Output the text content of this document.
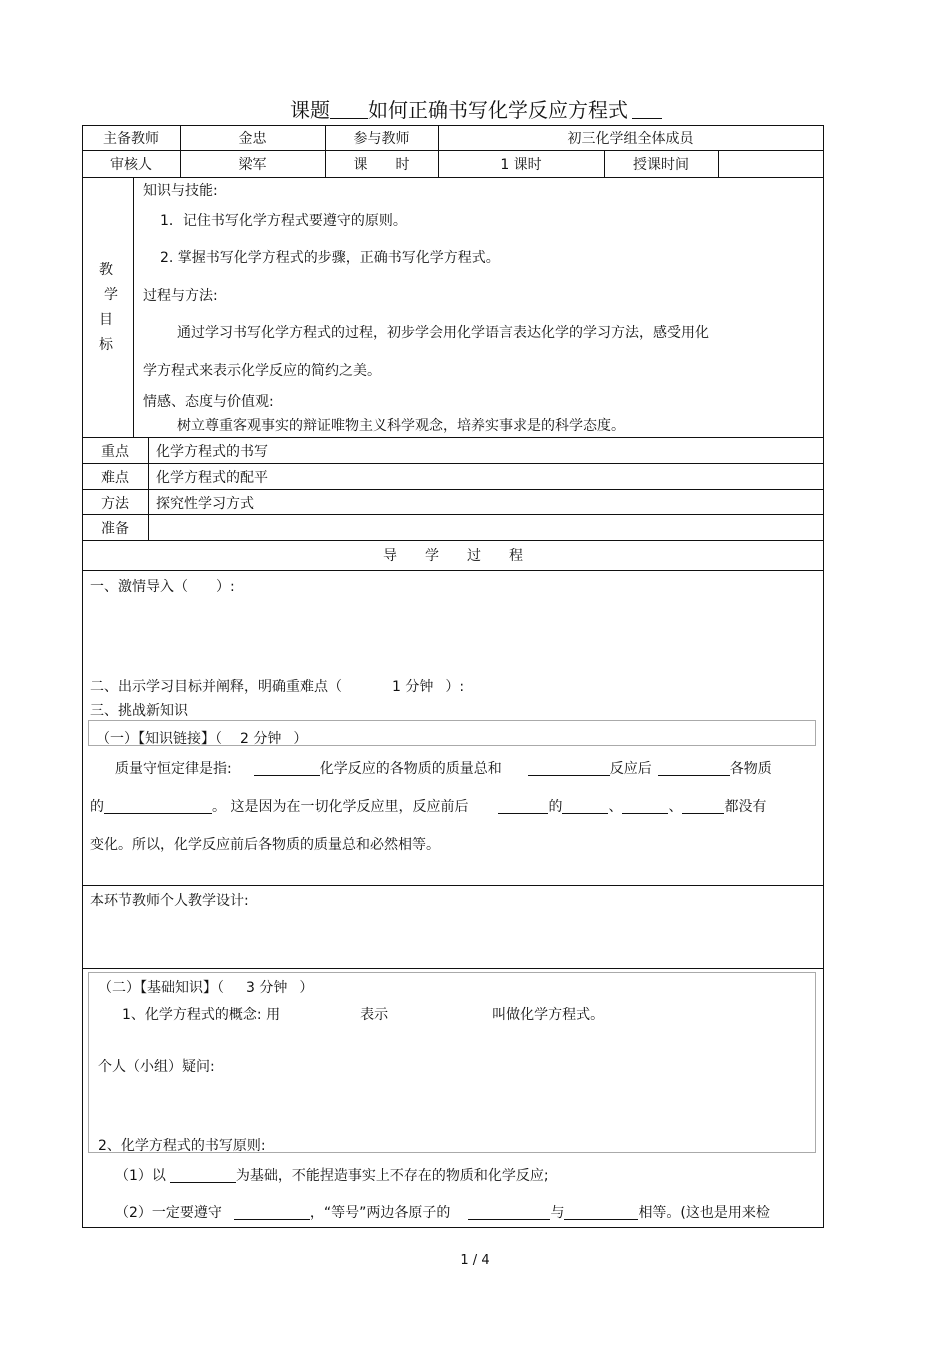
课题 如何正确书写化学反应方程式
主备教师	金忠	参与教师	初三化学组全体成员
审核人	梁军	课　　时	1 课时	授课时间
教
学
目
标
知识与技能:
1．记住书写化学方程式要遵守的原则。
2. 掌握书写化学方程式的步骤，正确书写化学方程式。
过程与方法:
通过学习书写化学方程式的过程，初步学会用化学语言表达化学的学习方法，感受用化
学方程式来表示化学反应的简约之美。
情感、态度与价值观:
树立尊重客观事实的辩证唯物主义科学观念，培养实事求是的科学态度。
重点	化学方程式的书写
难点	化学方程式的配平
方法	探究性学习方式
准备
导　　学　　过　　程
一、激情导入（　　）:
二、出示学习目标并阐释，明确重难点（	1 分钟 ）:
三、挑战新知识
（一）【知识链接】（ 2 分钟 ）
质量守恒定律是指:	化学反应的各物质的质量总和	反应后	各物质
的	。 这是因为在一切化学反应里，反应前后	的	、	、	都没有
变化。所以，化学反应前后各物质的质量总和必然相等。
本环节教师个人教学设计:
（二）【基础知识】（ 3 分钟 ）
1、化学方程式的概念: 用	表示	叫做化学方程式。
个人（小组）疑问:
2、化学方程式的书写原则:
（1）以	为基础，不能捏造事实上不存在的物质和化学反应;
（2）一定要遵守	，“等号”两边各原子的	与	相等。(这也是用来检
1 / 4
